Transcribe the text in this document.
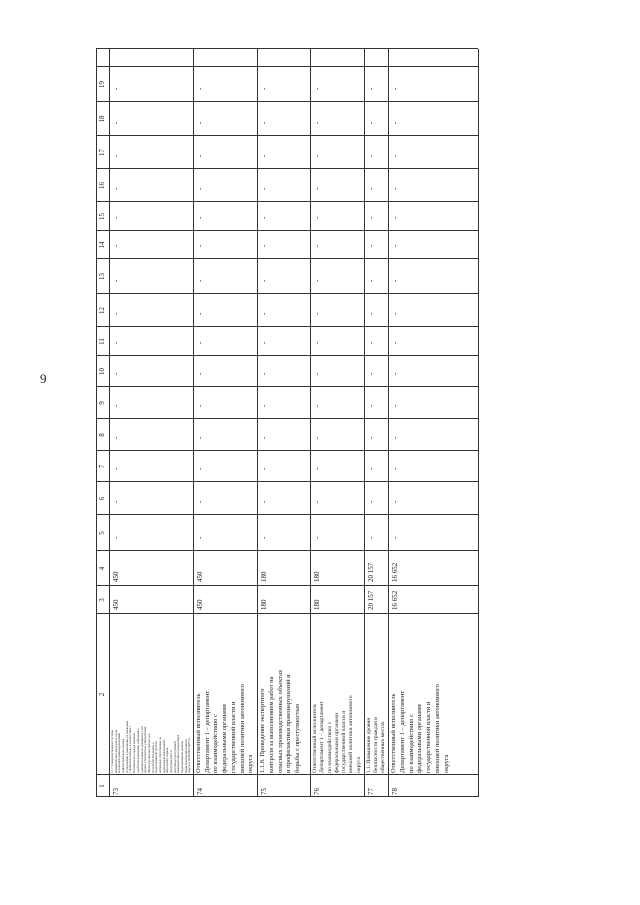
9
1
2
3
4
5
6
7
8
9
10
11
12
13
14
15
16
17
18
19
73
1.1.7. Совершенствование системы автоматического контроля за ходом исполнения правонарушителями административного надзора, осуждёнными к наказаниям, не связанным с лишением свободы, в соответствии с Положением о порядке оказания содействия гражданам, добровольно сдающим незаконно хранящееся у них оружие и боеприпасы, утверждённым Министерством внутренних дел Российской Федерации и территориальной группой мобильных ответственных за организацию мероприятий, обеспечение охраны, предупреждение и пресечение преступлений, взаимодействия и координации территориальных органов Правительства автономного округа от 26.05.2012 №273-п
450
450
-
-
-
-
-
-
-
-
-
-
-
-
-
-
-
74
Ответственный исполнитель Департамент 1 – департамент по взаимодействию с федеральными органами государственной власти и внешней политики автономного округа
450
450
-
-
-
-
-
-
-
-
-
-
-
-
-
-
-
75
1.1.8. Проведение экспертного контроля за выполнением работ на опасных производственных объектах и профилактики правонарушений и борьбы с преступностью
180
180
-
-
-
-
-
-
-
-
-
-
-
-
-
-
-
76
Ответственный исполнитель Департамент 1 – департамент по взаимодействию с федеральными органами государственной власти и внешней политики автономного округа
180
180
-
-
-
-
-
-
-
-
-
-
-
-
-
-
-
77
1.1. Повышение уровня безопасности граждан в общественных местах
20 157
20 157
-
-
-
-
-
-
-
-
-
-
-
-
-
-
-
78
Ответственный исполнитель Департамент 1 – департамент по взаимодействию с федеральными органами государственной власти и внешней политики автономного округа
16 652
16 652
-
-
-
-
-
-
-
-
-
-
-
-
-
-
-
